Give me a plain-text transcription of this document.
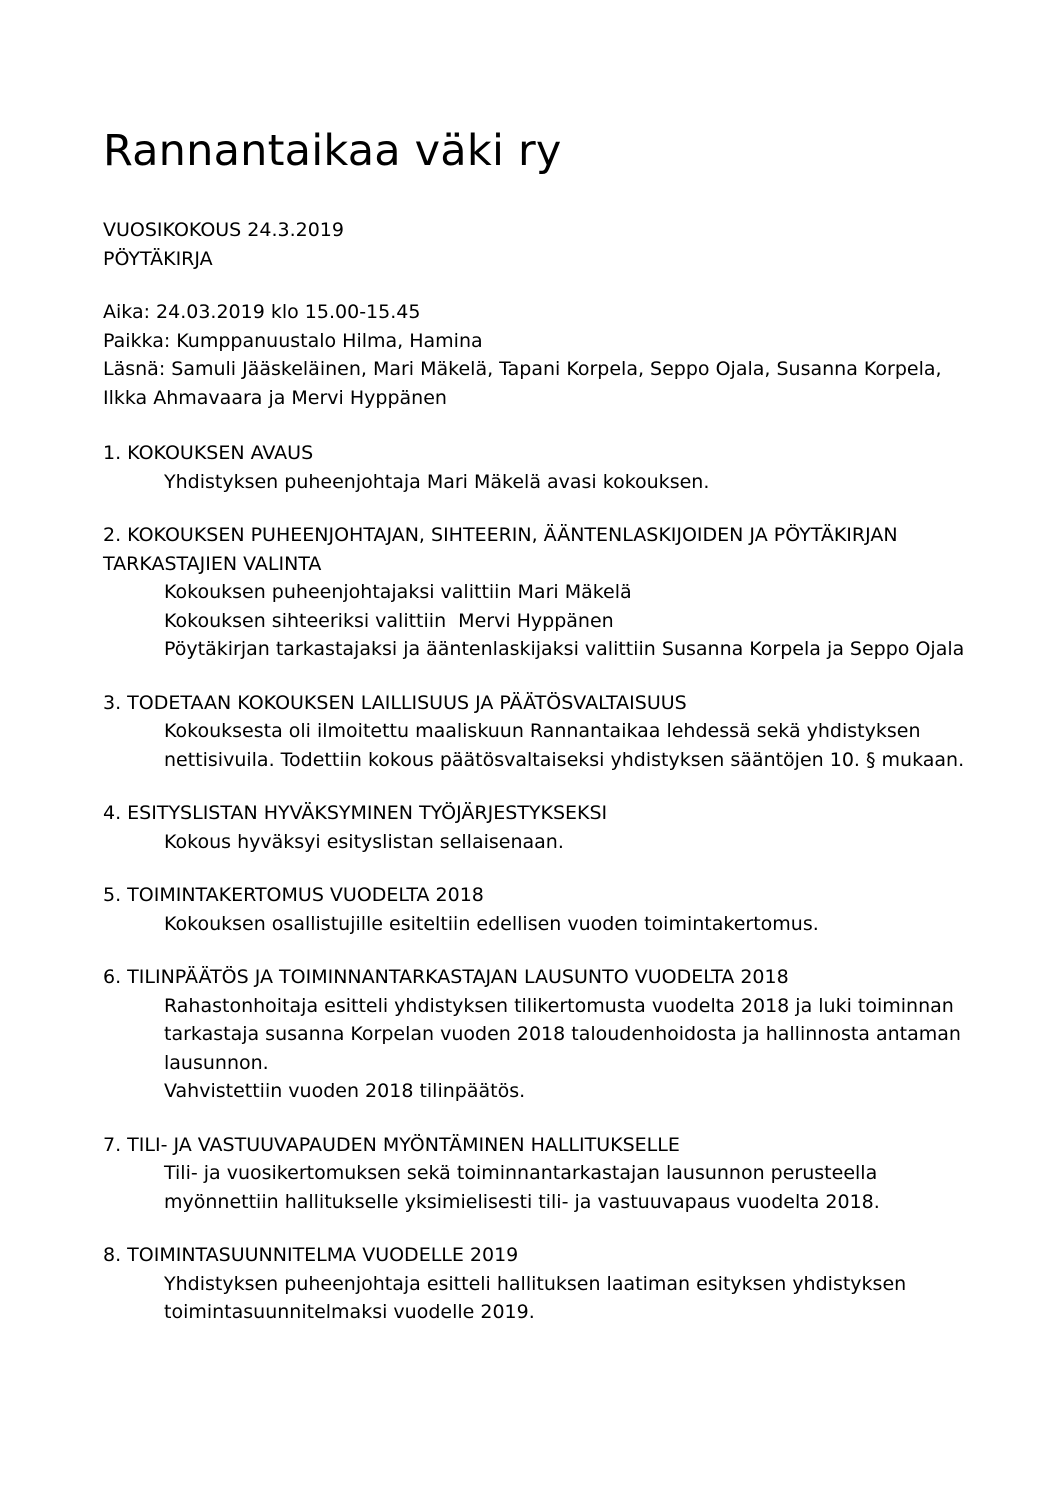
Rannantaikaa väki ry

VUOSIKOKOUS 24.3.2019

PÖYTÄKIRJA

Aika: 24.03.2019 klo 15.00-15.45

Paikka: Kumppanuustalo Hilma, Hamina

Läsnä: Samuli Jääskeläinen, Mari Mäkelä, Tapani Korpela, Seppo Ojala, Susanna Korpela,

Ilkka Ahmavaara ja Mervi Hyppänen

1. KOKOUKSEN AVAUS

Yhdistyksen puheenjohtaja Mari Mäkelä avasi kokouksen.

2. KOKOUKSEN PUHEENJOHTAJAN, SIHTEERIN, ÄÄNTENLASKIJOIDEN JA PÖYTÄKIRJAN

TARKASTAJIEN VALINTA

Kokouksen puheenjohtajaksi valittiin Mari Mäkelä

Kokouksen sihteeriksi valittiin  Mervi Hyppänen

Pöytäkirjan tarkastajaksi ja ääntenlaskijaksi valittiin Susanna Korpela ja Seppo Ojala

3. TODETAAN KOKOUKSEN LAILLISUUS JA PÄÄTÖSVALTAISUUS

Kokouksesta oli ilmoitettu maaliskuun Rannantaikaa lehdessä sekä yhdistyksen

nettisivuila. Todettiin kokous päätösvaltaiseksi yhdistyksen sääntöjen 10. § mukaan.

4. ESITYSLISTAN HYVÄKSYMINEN TYÖJÄRJESTYKSEKSI

Kokous hyväksyi esityslistan sellaisenaan.

5. TOIMINTAKERTOMUS VUODELTA 2018

Kokouksen osallistujille esiteltiin edellisen vuoden toimintakertomus.

6. TILINPÄÄTÖS JA TOIMINNANTARKASTAJAN LAUSUNTO VUODELTA 2018

Rahastonhoitaja esitteli yhdistyksen tilikertomusta vuodelta 2018 ja luki toiminnan

tarkastaja susanna Korpelan vuoden 2018 taloudenhoidosta ja hallinnosta antaman

lausunnon.

Vahvistettiin vuoden 2018 tilinpäätös.

7. TILI- JA VASTUUVAPAUDEN MYÖNTÄMINEN HALLITUKSELLE

Tili- ja vuosikertomuksen sekä toiminnantarkastajan lausunnon perusteella

myönnettiin hallitukselle yksimielisesti tili- ja vastuuvapaus vuodelta 2018.

8. TOIMINTASUUNNITELMA VUODELLE 2019

Yhdistyksen puheenjohtaja esitteli hallituksen laatiman esityksen yhdistyksen

toimintasuunnitelmaksi vuodelle 2019.
